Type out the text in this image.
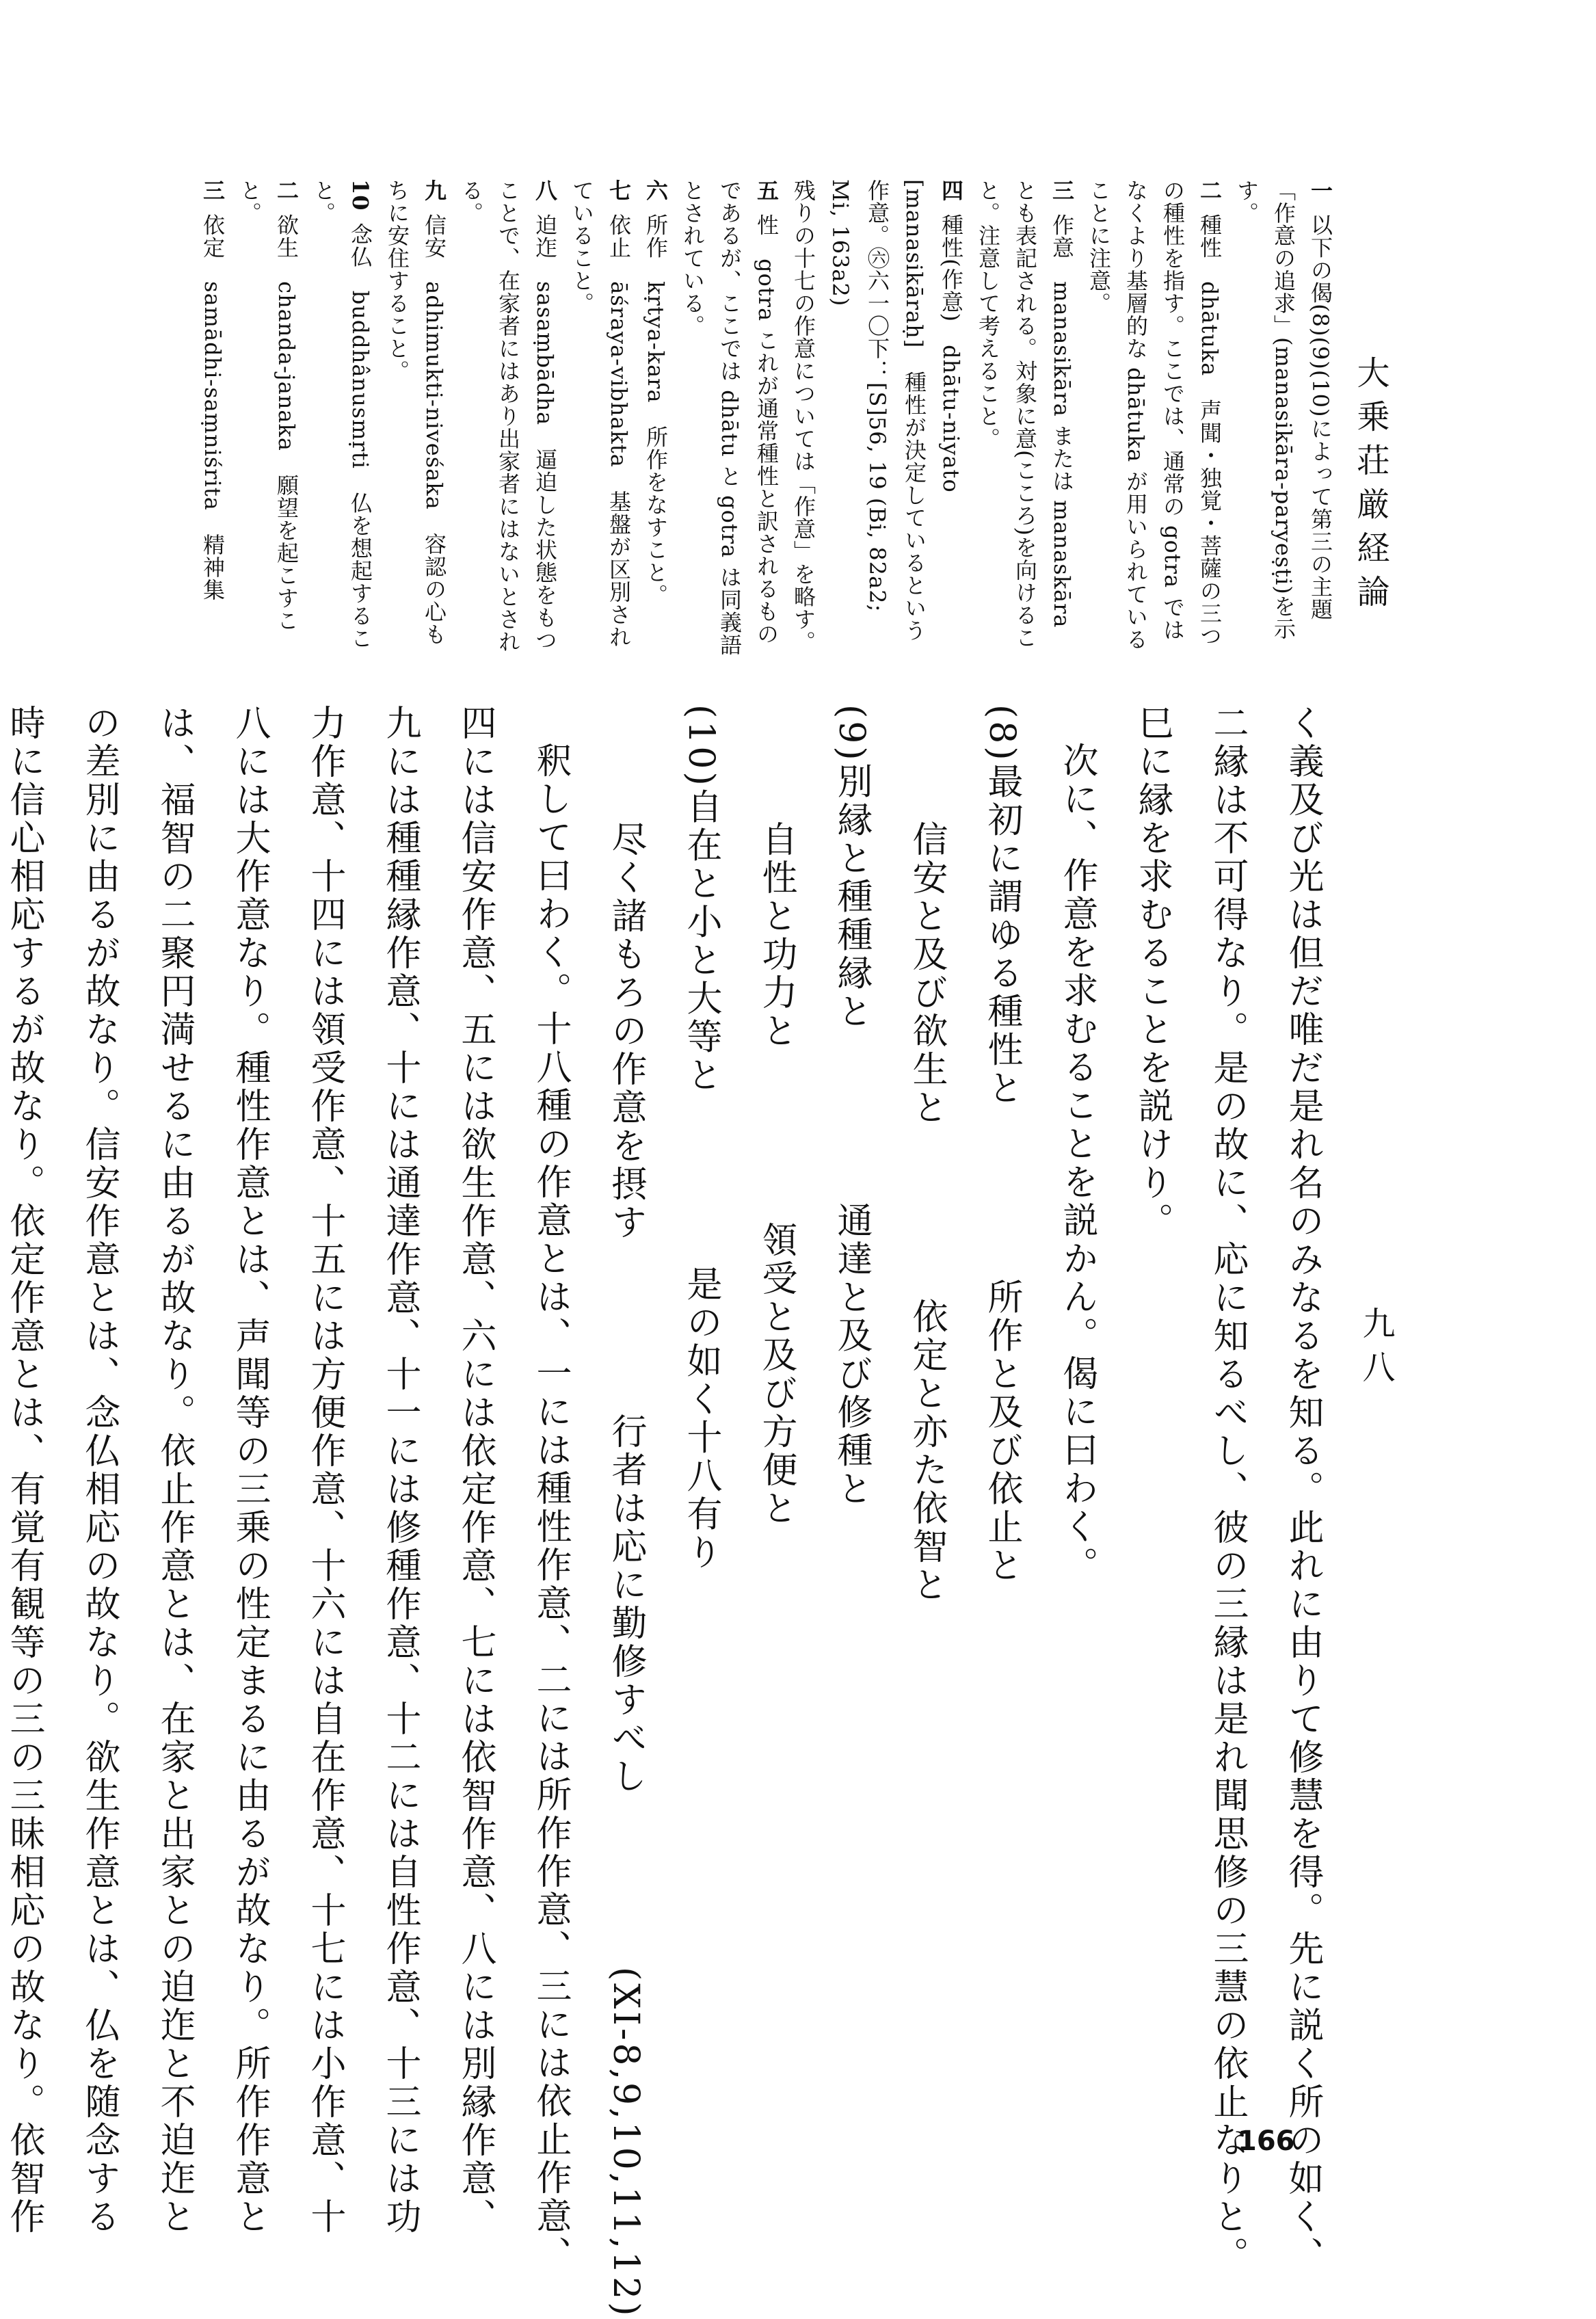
大乗荘厳経論
九八
166
一 以下の偈(8)(9)(10)によって第三の主題「作意の追求」(manasikāra-paryeṣṭi)を示す。
二 種性　dhātuka　声聞・独覚・菩薩の三つの種性を指す。ここでは、通常の gotra ではなくより基層的な dhātuka が用いられていることに注意。
三 作意　manasikāra または manaskāra とも表記される。対象に意(こころ)を向けること。注意して考えること。
四 種性(作意)　dhātu-niyato [manasikāraḥ]　種性が決定しているという作意。㊅六一〇下：[S]56, 19 (Bi, 82a2; Mi, 163a2)
残りの十七の作意については「作意」を略す。
五 性　gotra これが通常種性と訳されるものであるが、ここでは dhātu と gotra は同義語とされている。
六 所作　kṛtya-kara　所作をなすこと。
七 依止　āśraya-vibhakta　基盤が区別されていること。
八 迫迮　sasaṃbādha　逼迫した状態をもつことで、在家者にはあり出家者にはないとされる。
九 信安　adhimukti-niveśaka　容認の心もちに安住すること。
10 念仏　buddhânusmṛti　仏を想起すること。
二 欲生　chanda-janaka　願望を起こすこと。
三 依定　samādhi-saṃniśrita　精神集
く義及び光は但だ唯だ是れ名のみなるを知る。此れに由りて修慧を得。先に説く所の如く、
二縁は不可得なり。是の故に、応に知るべし、彼の三縁は是れ聞思修の三慧の依止なりと。
巳に縁を求むることを説けり。
次に、作意を求むることを説かん。偈に曰わく。
(8)最初に謂ゆる種性と所作と及び依止と
信安と及び欲生と依定と亦た依智と
(9)別縁と種種縁と通達と及び修種と
自性と功力と領受と及び方便と
(10)自在と小と大等と是の如く十八有り
尽く諸もろの作意を摂す行者は応に勤修すべし(XI-8,9,10,11,12)
釈して曰わく。十八種の作意とは、一には種性作意、二には所作作意、三には依止作意、
四には信安作意、五には欲生作意、六には依定作意、七には依智作意、八には別縁作意、
九には種種縁作意、十には通達作意、十一には修種作意、十二には自性作意、十三には功
力作意、十四には領受作意、十五には方便作意、十六には自在作意、十七には小作意、十
八には大作意なり。種性作意とは、声聞等の三乗の性定まるに由るが故なり。所作作意と
は、福智の二聚円満せるに由るが故なり。依止作意とは、在家と出家との迫迮と不迫迮と
の差別に由るが故なり。信安作意とは、念仏相応の故なり。欲生作意とは、仏を随念する
時に信心相応するが故なり。依定作意とは、有覚有観等の三の三昧相応の故なり。依智作
